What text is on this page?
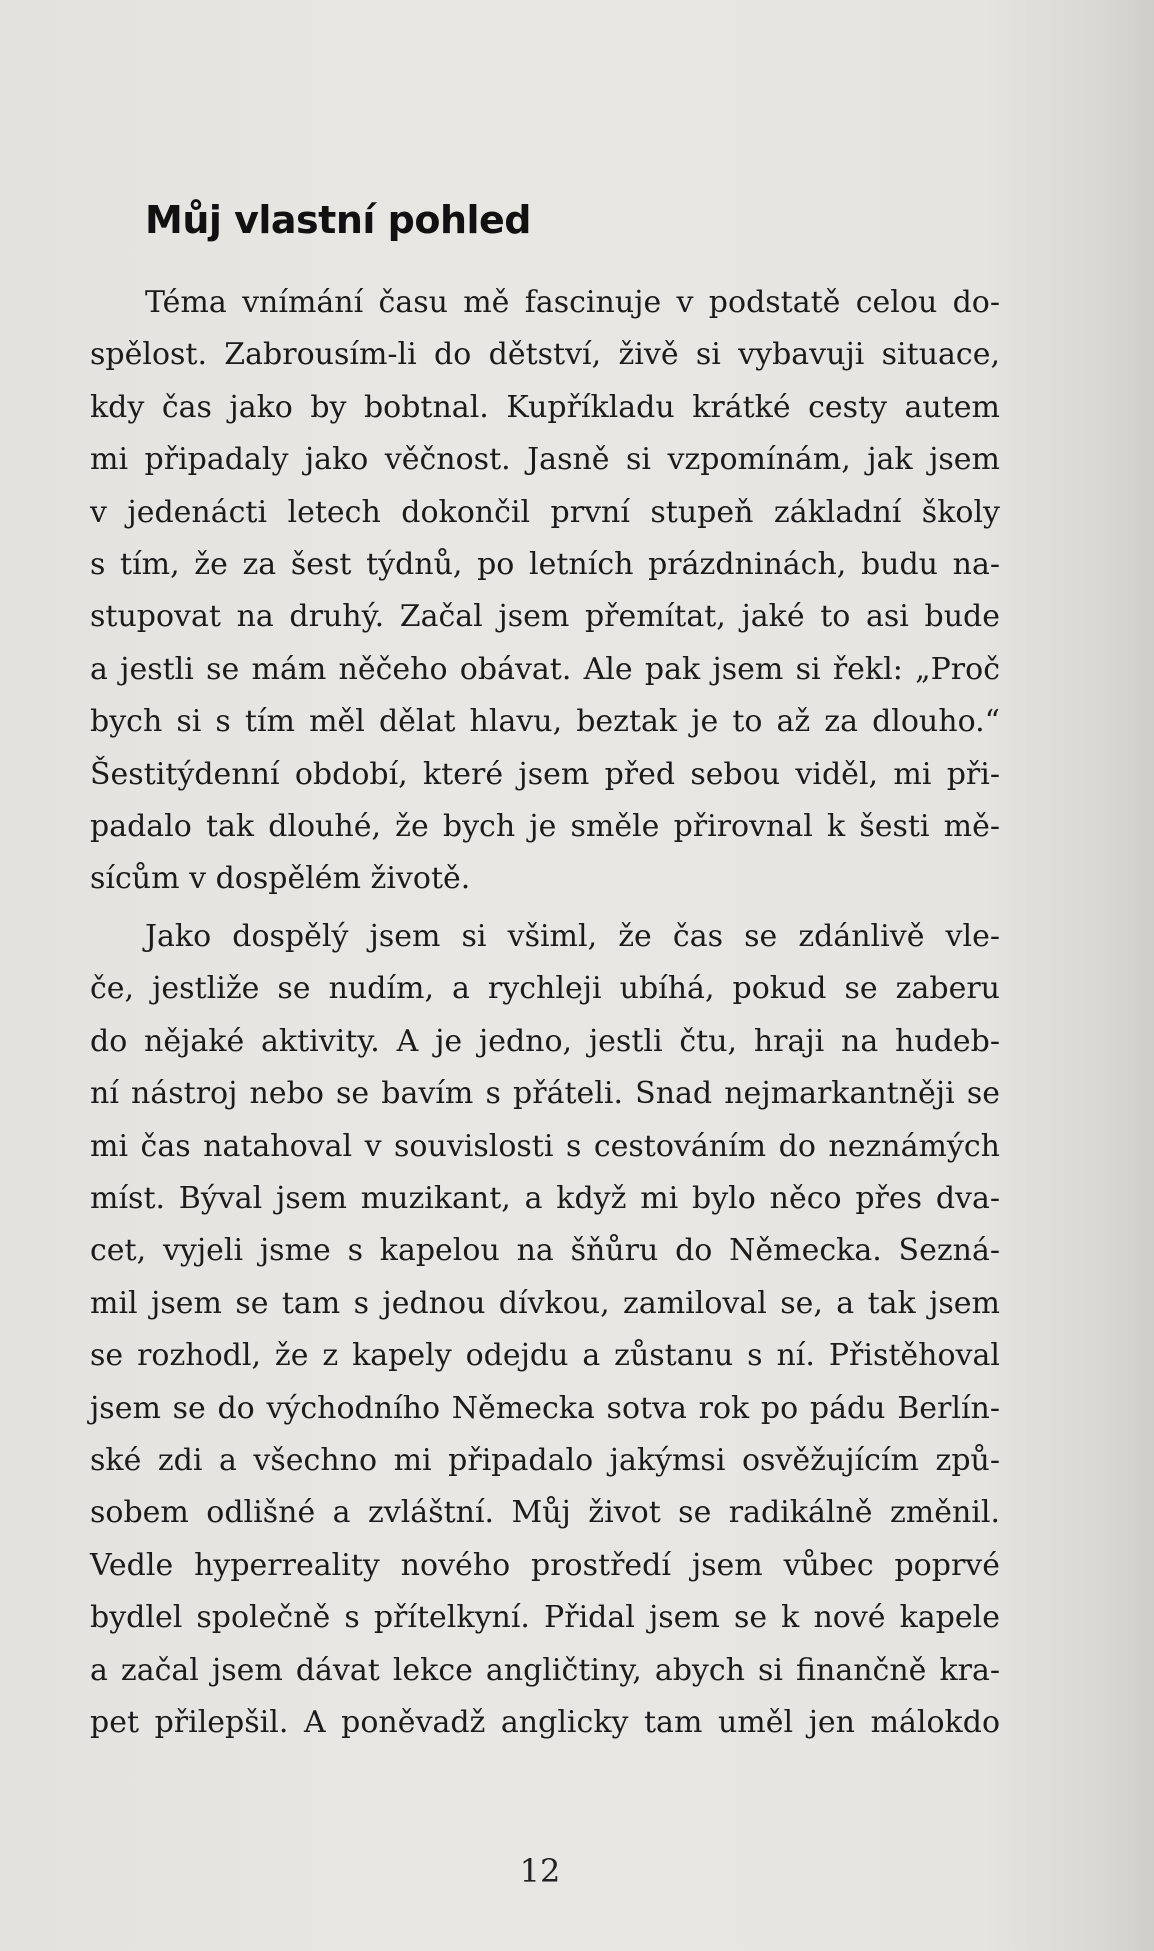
Můj vlastní pohled
Téma vnímání času mě fascinuje v podstatě celou do-
spělost. Zabrousím-li do dětství, živě si vybavuji situace,
kdy čas jako by bobtnal. Kupříkladu krátké cesty autem
mi připadaly jako věčnost. Jasně si vzpomínám, jak jsem
v jedenácti letech dokončil první stupeň základní školy
s tím, že za šest týdnů, po letních prázdninách, budu na-
stupovat na druhý. Začal jsem přemítat, jaké to asi bude
a jestli se mám něčeho obávat. Ale pak jsem si řekl: „Proč
bych si s tím měl dělat hlavu, beztak je to až za dlouho.“
Šestitýdenní období, které jsem před sebou viděl, mi při-
padalo tak dlouhé, že bych je směle přirovnal k šesti mě-
sícům v dospělém životě.
Jako dospělý jsem si všiml, že čas se zdánlivě vle-
če, jestliže se nudím, a rychleji ubíhá, pokud se zaberu
do nějaké aktivity. A je jedno, jestli čtu, hraji na hudeb-
ní nástroj nebo se bavím s přáteli. Snad nejmarkantněji se
mi čas natahoval v souvislosti s cestováním do neznámých
míst. Býval jsem muzikant, a když mi bylo něco přes dva-
cet, vyjeli jsme s kapelou na šňůru do Německa. Sezná-
mil jsem se tam s jednou dívkou, zamiloval se, a tak jsem
se rozhodl, že z kapely odejdu a zůstanu s ní. Přistěhoval
jsem se do východního Německa sotva rok po pádu Berlín-
ské zdi a všechno mi připadalo jakýmsi osvěžujícím způ-
sobem odlišné a zvláštní. Můj život se radikálně změnil.
Vedle hyperreality nového prostředí jsem vůbec poprvé
bydlel společně s přítelkyní. Přidal jsem se k nové kapele
a začal jsem dávat lekce angličtiny, abych si finančně kra-
pet přilepšil. A poněvadž anglicky tam uměl jen málokdo
12
